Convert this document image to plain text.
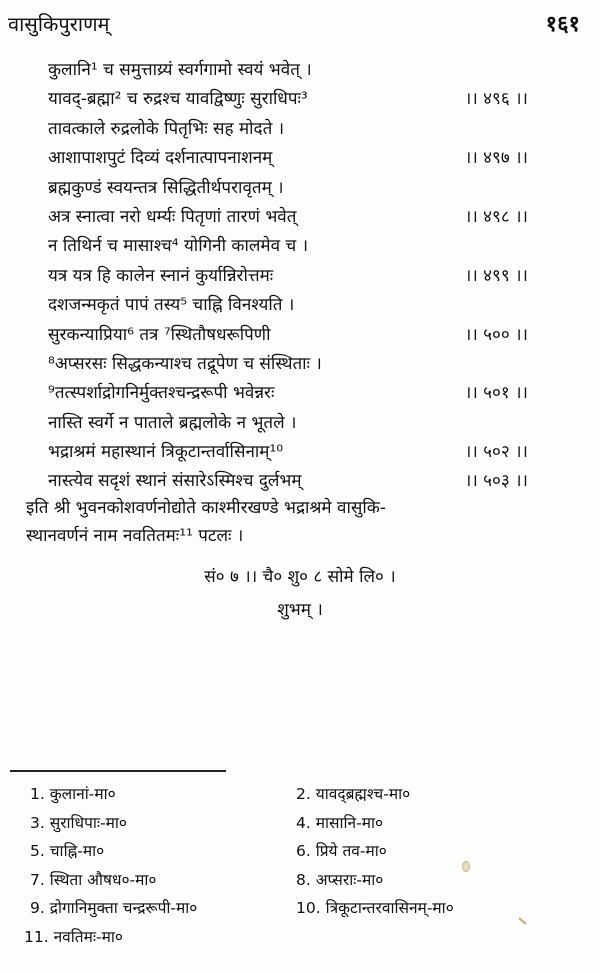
वासुकिपुराणम्	१६१
कुलानि¹ च समुत्ताय्र्यं स्वर्गगामो स्वयं भवेत् ।
यावद्-ब्रह्मा² च रुद्रश्च यावद्विष्णुः सुराधिपः³	।। ४९६ ।।
तावत्काले रुद्रलोके पितृभिः सह मोदते ।
आशापाशपुटं दिव्यं दर्शनात्पापनाशनम्	।। ४९७ ।।
ब्रह्मकुण्डं स्वयन्तत्र सिद्धितीर्थपरावृतम् ।
अत्र स्नात्वा नरो धर्म्यः पितृणां तारणं भवेत्	।। ४९८ ।।
न तिथिर्न च मासाश्च⁴ योगिनी कालमेव च ।
यत्र यत्र हि कालेन स्नानं कुर्यान्निरोत्तमः	।। ४९९ ।।
दशजन्मकृतं पापं तस्य⁵ चाह्नि विनश्यति ।
सुरकन्याप्रिया⁶ तत्र ⁷स्थितौषधरूपिणी	।। ५०० ।।
⁸अप्सरसः सिद्धकन्याश्च तद्रूपेण च संस्थिताः ।
⁹तत्स्पर्शाद्रोगनिर्मुक्तश्चन्द्ररूपी भवेन्नरः	।। ५०१ ।।
नास्ति स्वर्गे न पाताले ब्रह्मलोके न भूतले ।
भद्राश्रमं महास्थानं त्रिकूटान्तर्वासिनाम्¹⁰	।। ५०२ ।।
नास्त्येव सदृशं स्थानं संसारेऽस्मिश्च दुर्लभम्	।। ५०३ ।।
इति श्री भुवनकोशवर्णनोद्योते काश्मीरखण्डे भद्राश्रमे वासुकि-
स्थानवर्णनं नाम नवतितमः¹¹ पटलः ।
सं० ७ ।। चै० शु० ८ सोमे लि० ।
शुभम् ।
1. कुलानां-मा०	2. यावद्ब्रह्मश्च-मा०
3. सुराधिपाः-मा०	4. मासानि-मा०
5. चाह्नि-मा०	6. प्रिये तव-मा०
7. स्थिता औषध०-मा०	8. अप्सराः-मा०
9. द्रोगानिमुक्ता चन्द्ररूपी-मा०	10. त्रिकूटान्तरवासिनम्-मा०
11. नवतिमः-मा०
